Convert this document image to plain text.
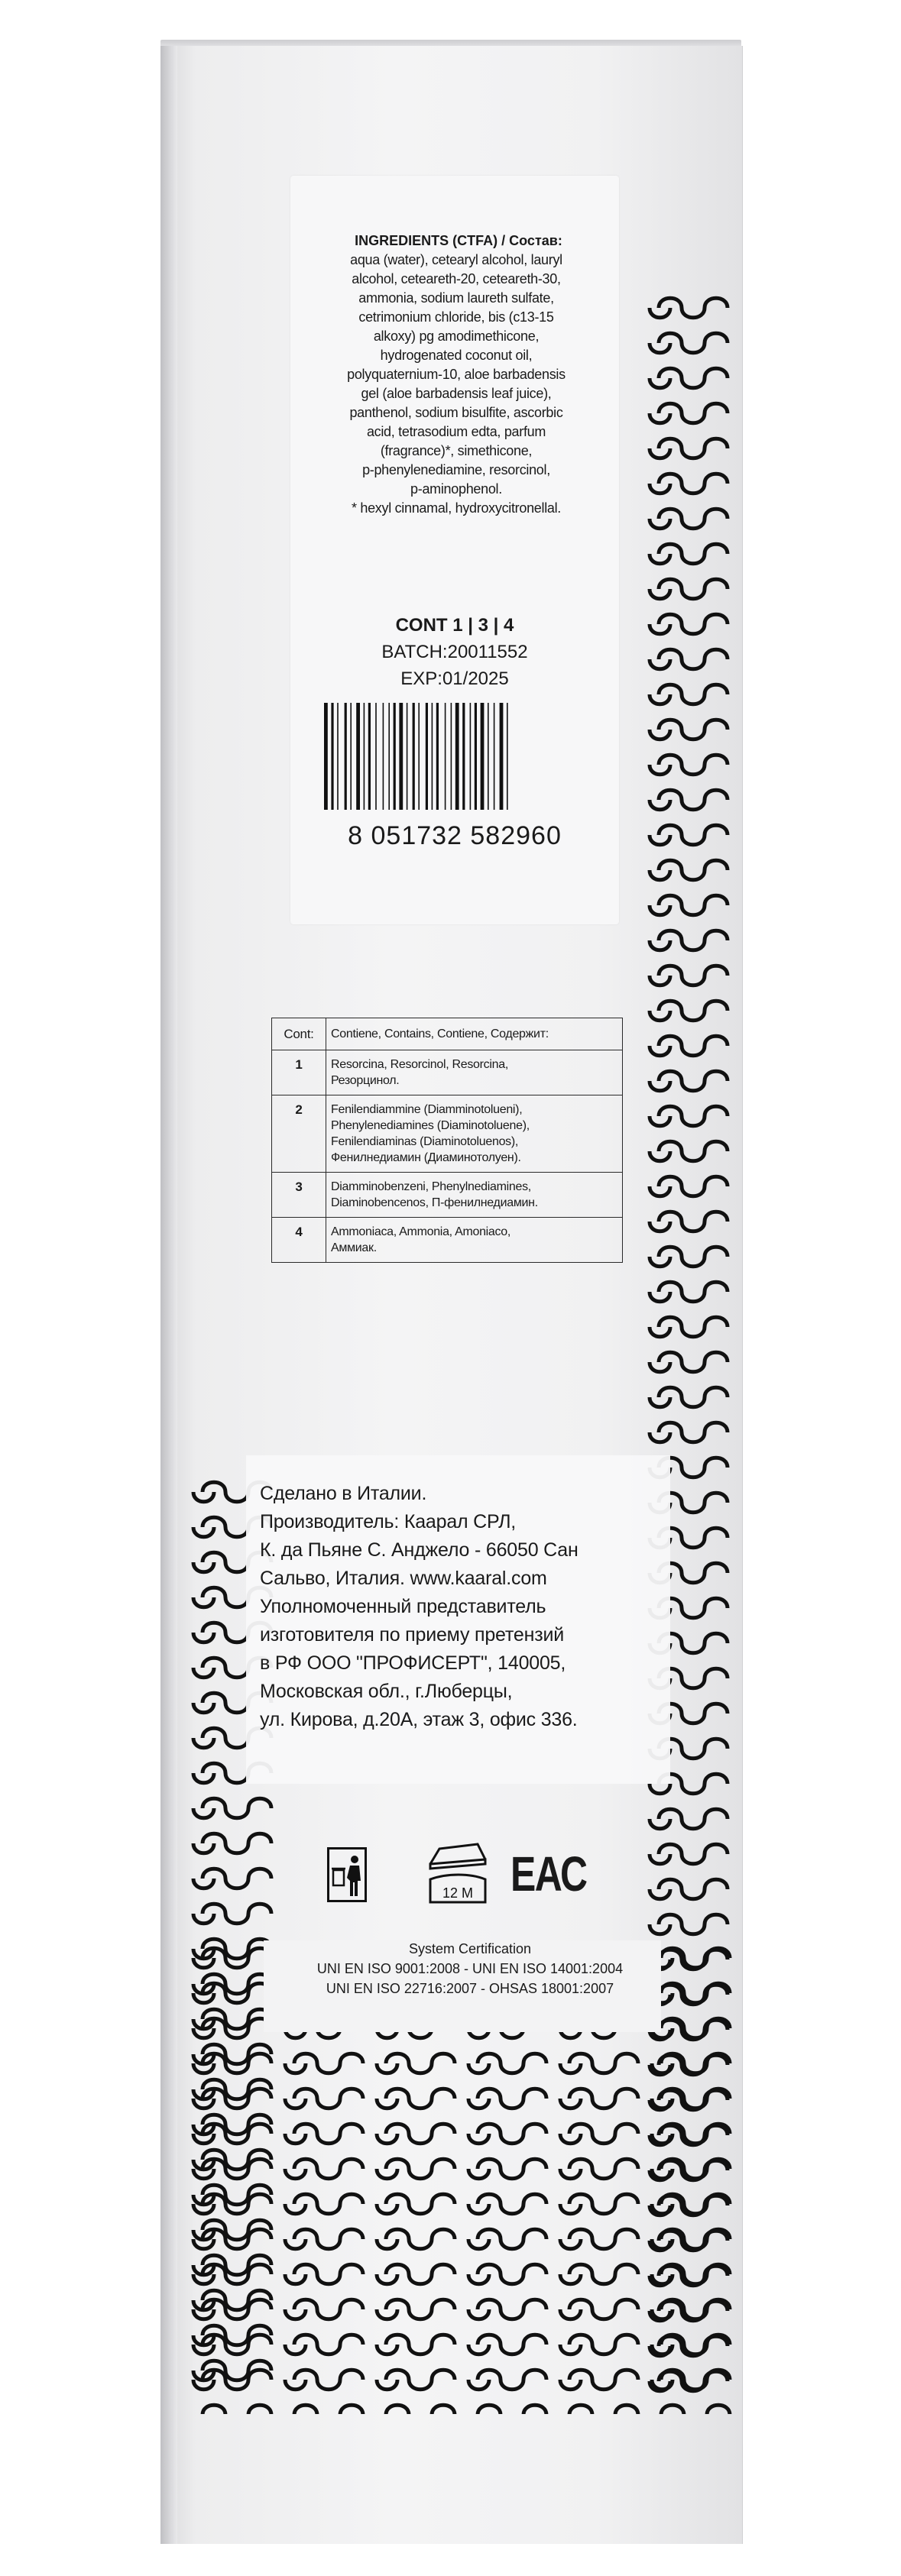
INGREDIENTS (CTFA) / Состав:
aqua (water), cetearyl alcohol, lauryl
alcohol, ceteareth-20, ceteareth-30,
ammonia, sodium laureth sulfate,
cetrimonium chloride, bis (c13-15
alkoxy) pg amodimethicone,
hydrogenated coconut oil,
polyquaternium-10, aloe barbadensis
gel (aloe barbadensis leaf juice),
panthenol, sodium bisulfite, ascorbic
acid, tetrasodium edta, parfum
(fragrance)*, simethicone,
p-phenylenediamine, resorcinol,
p-aminophenol.
* hexyl cinnamal, hydroxycitronellal.
CONT 1 | 3 | 4
BATCH:20011552
EXP:01/2025
8 051732 582960
Cont:	Contiene, Contains, Contiene, Содержит:
1	Resorcina, Resorcinol, Resorcina,
Резорцинол.

2	Fenilendiammine (Diamminotolueni),
Phenylenediamines (Diaminotoluene),
Fenilendiaminas (Diaminotoluenos),
Фенилнедиамин (Диаминотолуен).

3	Diamminobenzeni, Phenylnediamines,
Diaminobencenos, П-фенилнедиамин.

4	Ammoniaca, Ammonia, Amoniaco,
Аммиак.
Сделано в Италии.
Производитель: Каарал СРЛ,
К. да Пьяне С. Анджело - 66050 Сан
Сальво, Италия. www.kaaral.com
Уполномоченный представитель
изготовителя по приему претензий
в РФ ООО "ПРОФИСЕРТ", 140005,
Московская обл., г.Люберцы,
ул. Кирова, д.20А, этаж 3, офис 336.
12 M ЕАС
System Certification
UNI EN ISO 9001:2008 - UNI EN ISO 14001:2004
UNI EN ISO 22716:2007 - OHSAS 18001:2007
